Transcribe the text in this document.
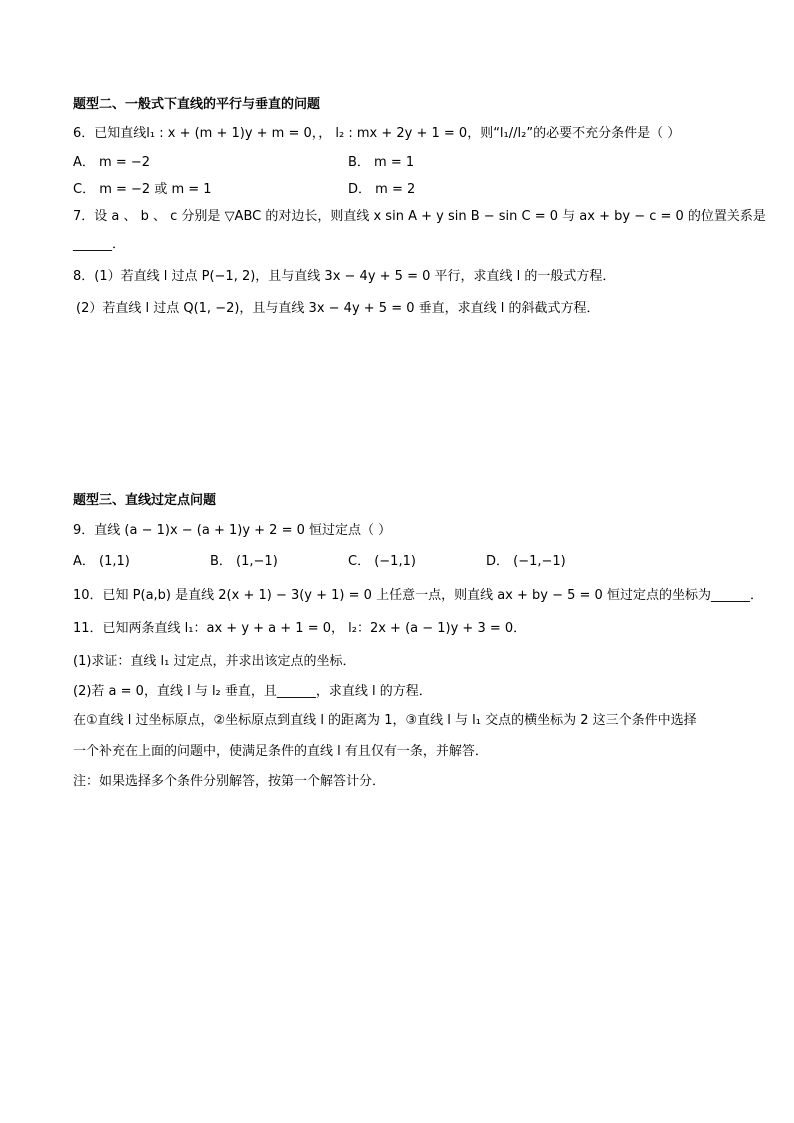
题型二、一般式下直线的平行与垂直的问题
6．已知直线l₁ : x + (m + 1)y + m = 0，， l₂ : mx + 2y + 1 = 0，则“l₁//l₂”的必要不充分条件是（ ）
A． m = −2	B． m = 1
C． m = −2 或 m = 1	D． m = 2
7．设 a 、 b 、 c 分别是 ▽ABC 的对边长，则直线 x sin A + y sin B − sin C = 0 与 ax + by − c = 0 的位置关系是
______．
8．(1）若直线 l 过点 P(−1, 2)，且与直线 3x − 4y + 5 = 0 平行，求直线 l 的一般式方程．
(2）若直线 l 过点 Q(1, −2)，且与直线 3x − 4y + 5 = 0 垂直，求直线 l 的斜截式方程．
题型三、直线过定点问题
9．直线 (a − 1)x − (a + 1)y + 2 = 0 恒过定点（ ）
A． (1,1)	B． (1,−1)	C． (−1,1)	D． (−1,−1)
10．已知 P(a,b) 是直线 2(x + 1) − 3(y + 1) = 0 上任意一点，则直线 ax + by − 5 = 0 恒过定点的坐标为______．
11．已知两条直线 l₁：ax + y + a + 1 = 0， l₂：2x + (a − 1)y + 3 = 0．
(1)求证：直线 l₁ 过定点，并求出该定点的坐标．
(2)若 a = 0，直线 l 与 l₂ 垂直，且______，求直线 l 的方程．
在①直线 l 过坐标原点，②坐标原点到直线 l 的距离为 1，③直线 l 与 l₁ 交点的横坐标为 2 这三个条件中选择
一个补充在上面的问题中，使满足条件的直线 l 有且仅有一条，并解答．
注：如果选择多个条件分别解答，按第一个解答计分．
